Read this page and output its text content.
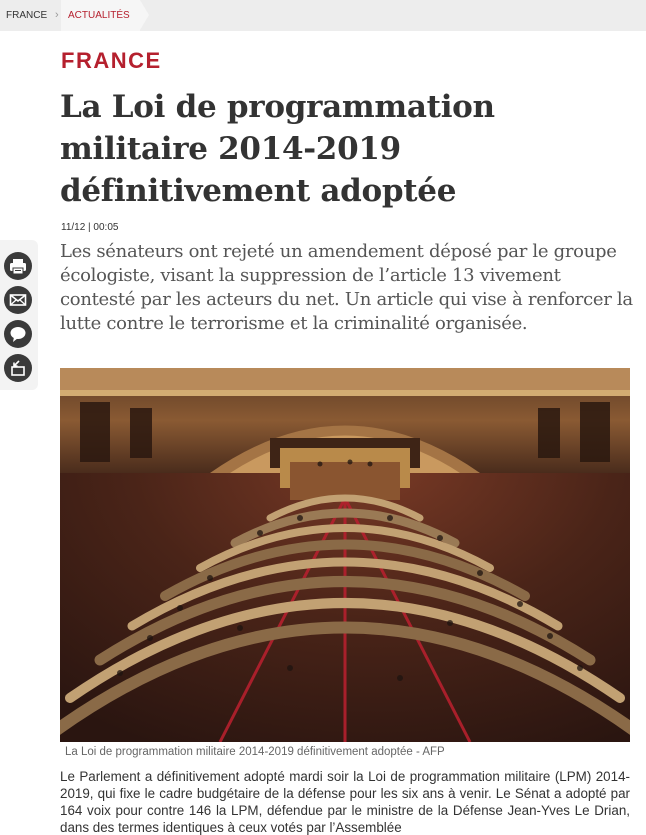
FRANCE › ACTUALITÉS
FRANCE
La Loi de programmation militaire 2014-2019 définitivement adoptée
11/12 | 00:05

Les sénateurs ont rejeté un amendement déposé par le groupe écologiste, visant la suppression de l’article 13 vivement contesté par les acteurs du net. Un article qui vise à renforcer la lutte contre le terrorisme et la criminalité organisée.

La Loi de programmation militaire 2014-2019 définitivement adoptée - AFP

Le Parlement a définitivement adopté mardi soir la Loi de programmation militaire (LPM) 2014-2019, qui fixe le cadre budgétaire de la défense pour les six ans à venir. Le Sénat a adopté par 164 voix pour contre 146 la LPM, défendue par le ministre de la Défense Jean-Yves Le Drian, dans des termes identiques à ceux votés par l’Assemblée
